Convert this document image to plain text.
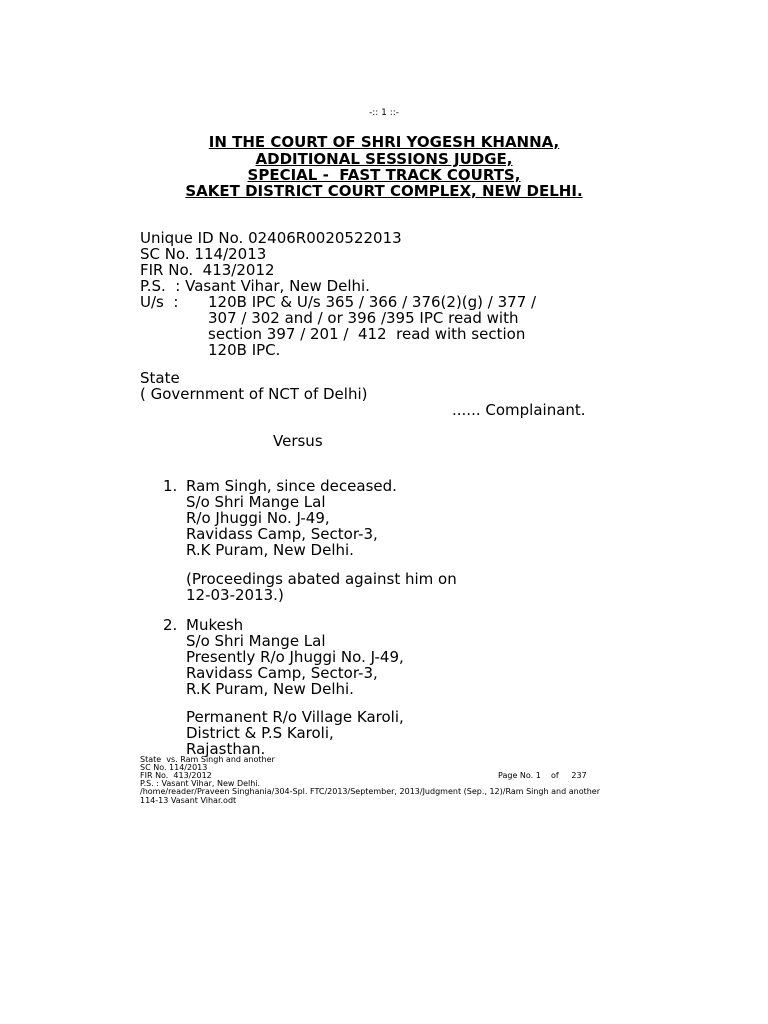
-:: 1 ::-
IN THE COURT OF SHRI YOGESH KHANNA,
ADDITIONAL SESSIONS JUDGE,
SPECIAL -  FAST TRACK COURTS,
SAKET DISTRICT COURT COMPLEX, NEW DELHI.
Unique ID No. 02406R0020522013
SC No. 114/2013
FIR No.  413/2012
P.S.  : Vasant Vihar, New Delhi.
U/s  : 120B IPC & U/s 365 / 366 / 376(2)(g) / 377 /
307 / 302 and / or 396 /395 IPC read with
section 397 / 201 /  412  read with section
120B IPC.
State
( Government of NCT of Delhi)
...... Complainant.
Versus
1. Ram Singh, since deceased.
S/o Shri Mange Lal
R/o Jhuggi No. J-49,
Ravidass Camp, Sector-3,
R.K Puram, New Delhi.
(Proceedings abated against him on
12-03-2013.)
2. Mukesh
S/o Shri Mange Lal
Presently R/o Jhuggi No. J-49,
Ravidass Camp, Sector-3,
R.K Puram, New Delhi.
Permanent R/o Village Karoli,
District & P.S Karoli,
Rajasthan.
State  vs. Ram Singh and another
SC No. 114/2013
FIR No.  413/2012
P.S. : Vasant Vihar, New Delhi.
/home/reader/Praveen Singhania/304-Spl. FTC/2013/September, 2013/Judgment (Sep., 12)/Ram Singh and another
114-13 Vasant Vihar.odt
Page No. 1    of     237
